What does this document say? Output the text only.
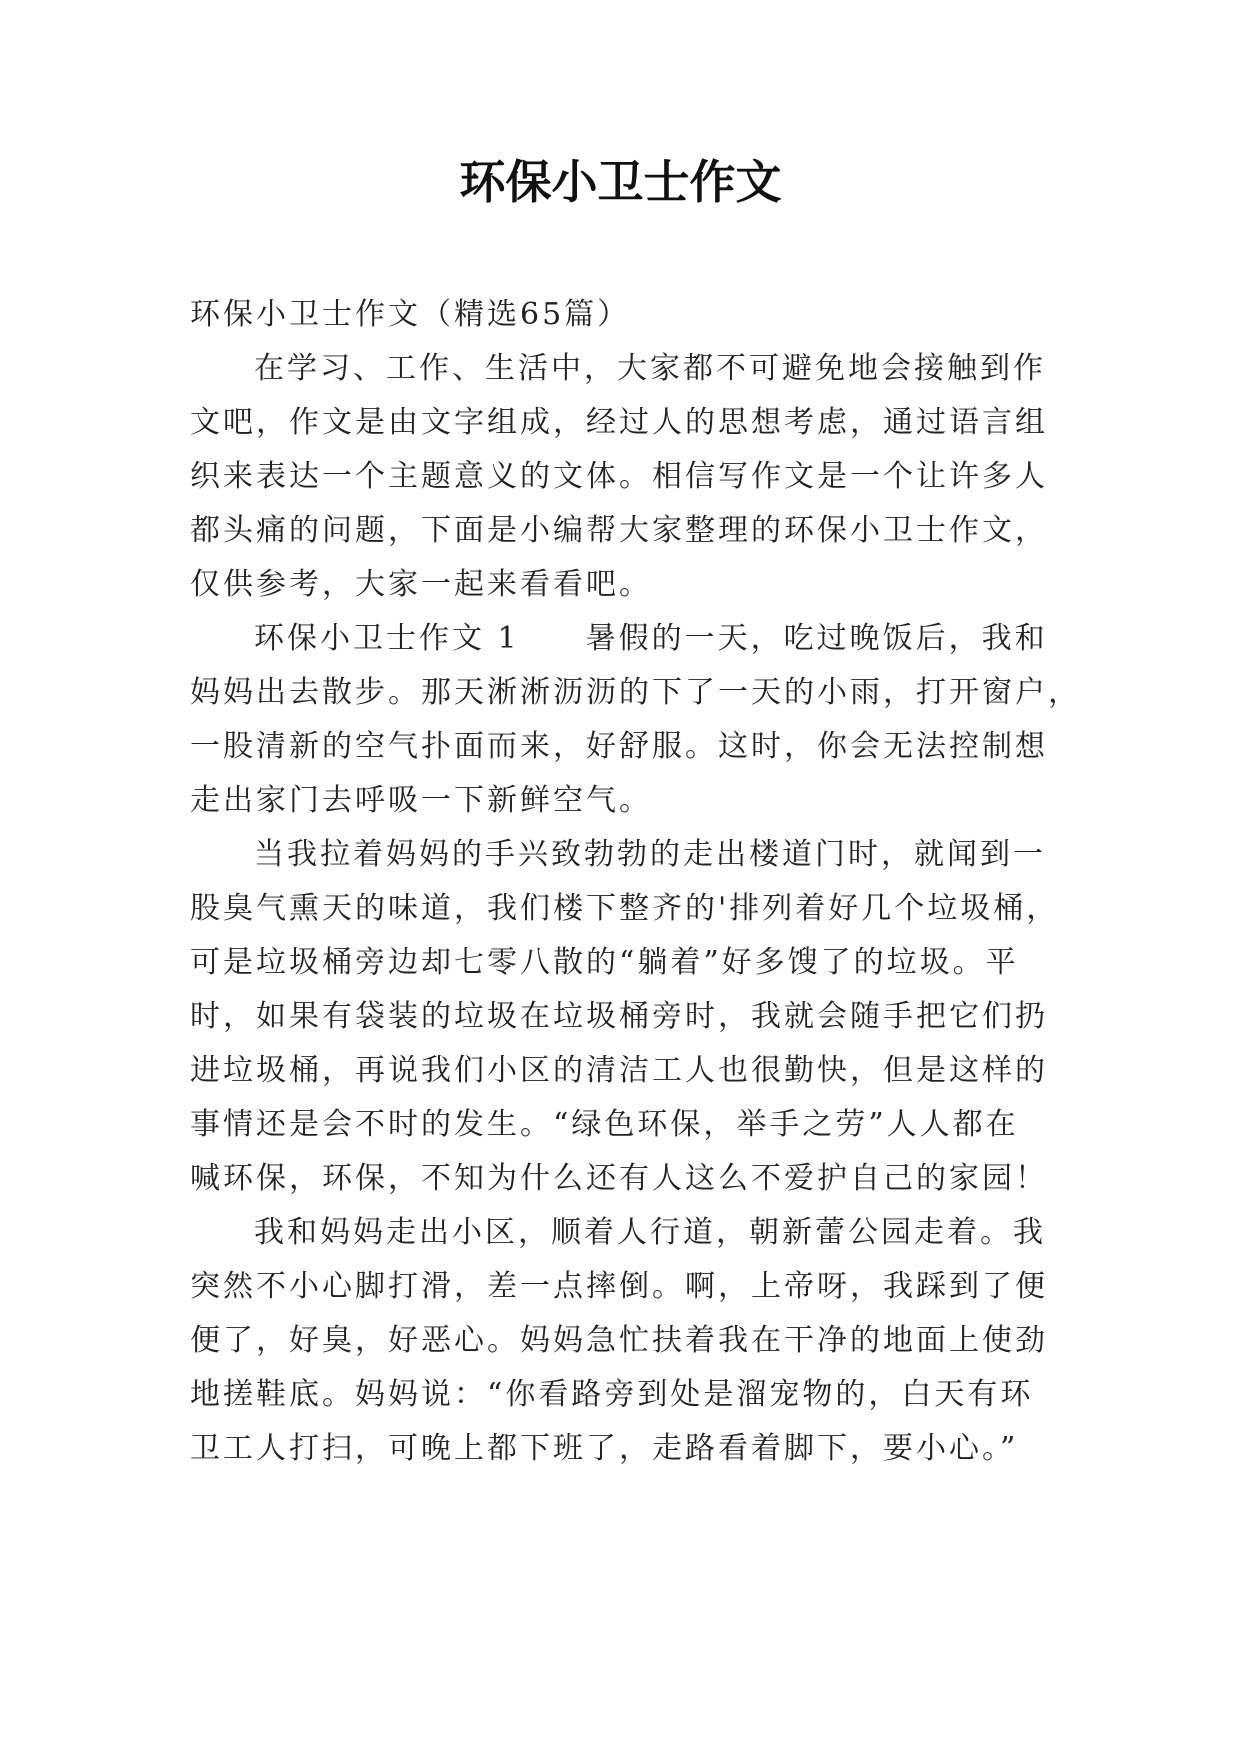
环保小卫士作文
环保小卫士作文（精选65篇）
在学习、工作、生活中，大家都不可避免地会接触到作
文吧，作文是由文字组成，经过人的思想考虑，通过语言组
织来表达一个主题意义的文体。相信写作文是一个让许多人
都头痛的问题，下面是小编帮大家整理的环保小卫士作文，
仅供参考，大家一起来看看吧。
环保小卫士作文 1　　暑假的一天，吃过晚饭后，我和
妈妈出去散步。那天淅淅沥沥的下了一天的小雨，打开窗户，
一股清新的空气扑面而来，好舒服。这时，你会无法控制想
走出家门去呼吸一下新鲜空气。
当我拉着妈妈的手兴致勃勃的走出楼道门时，就闻到一
股臭气熏天的味道，我们楼下整齐的'排列着好几个垃圾桶，
可是垃圾桶旁边却七零八散的“躺着”好多馊了的垃圾。平
时，如果有袋装的垃圾在垃圾桶旁时，我就会随手把它们扔
进垃圾桶，再说我们小区的清洁工人也很勤快，但是这样的
事情还是会不时的发生。“绿色环保，举手之劳”人人都在
喊环保，环保，不知为什么还有人这么不爱护自己的家园！
我和妈妈走出小区，顺着人行道，朝新蕾公园走着。我
突然不小心脚打滑，差一点摔倒。啊，上帝呀，我踩到了便
便了，好臭，好恶心。妈妈急忙扶着我在干净的地面上使劲
地搓鞋底。妈妈说：“你看路旁到处是溜宠物的，白天有环
卫工人打扫，可晚上都下班了，走路看着脚下，要小心。”
